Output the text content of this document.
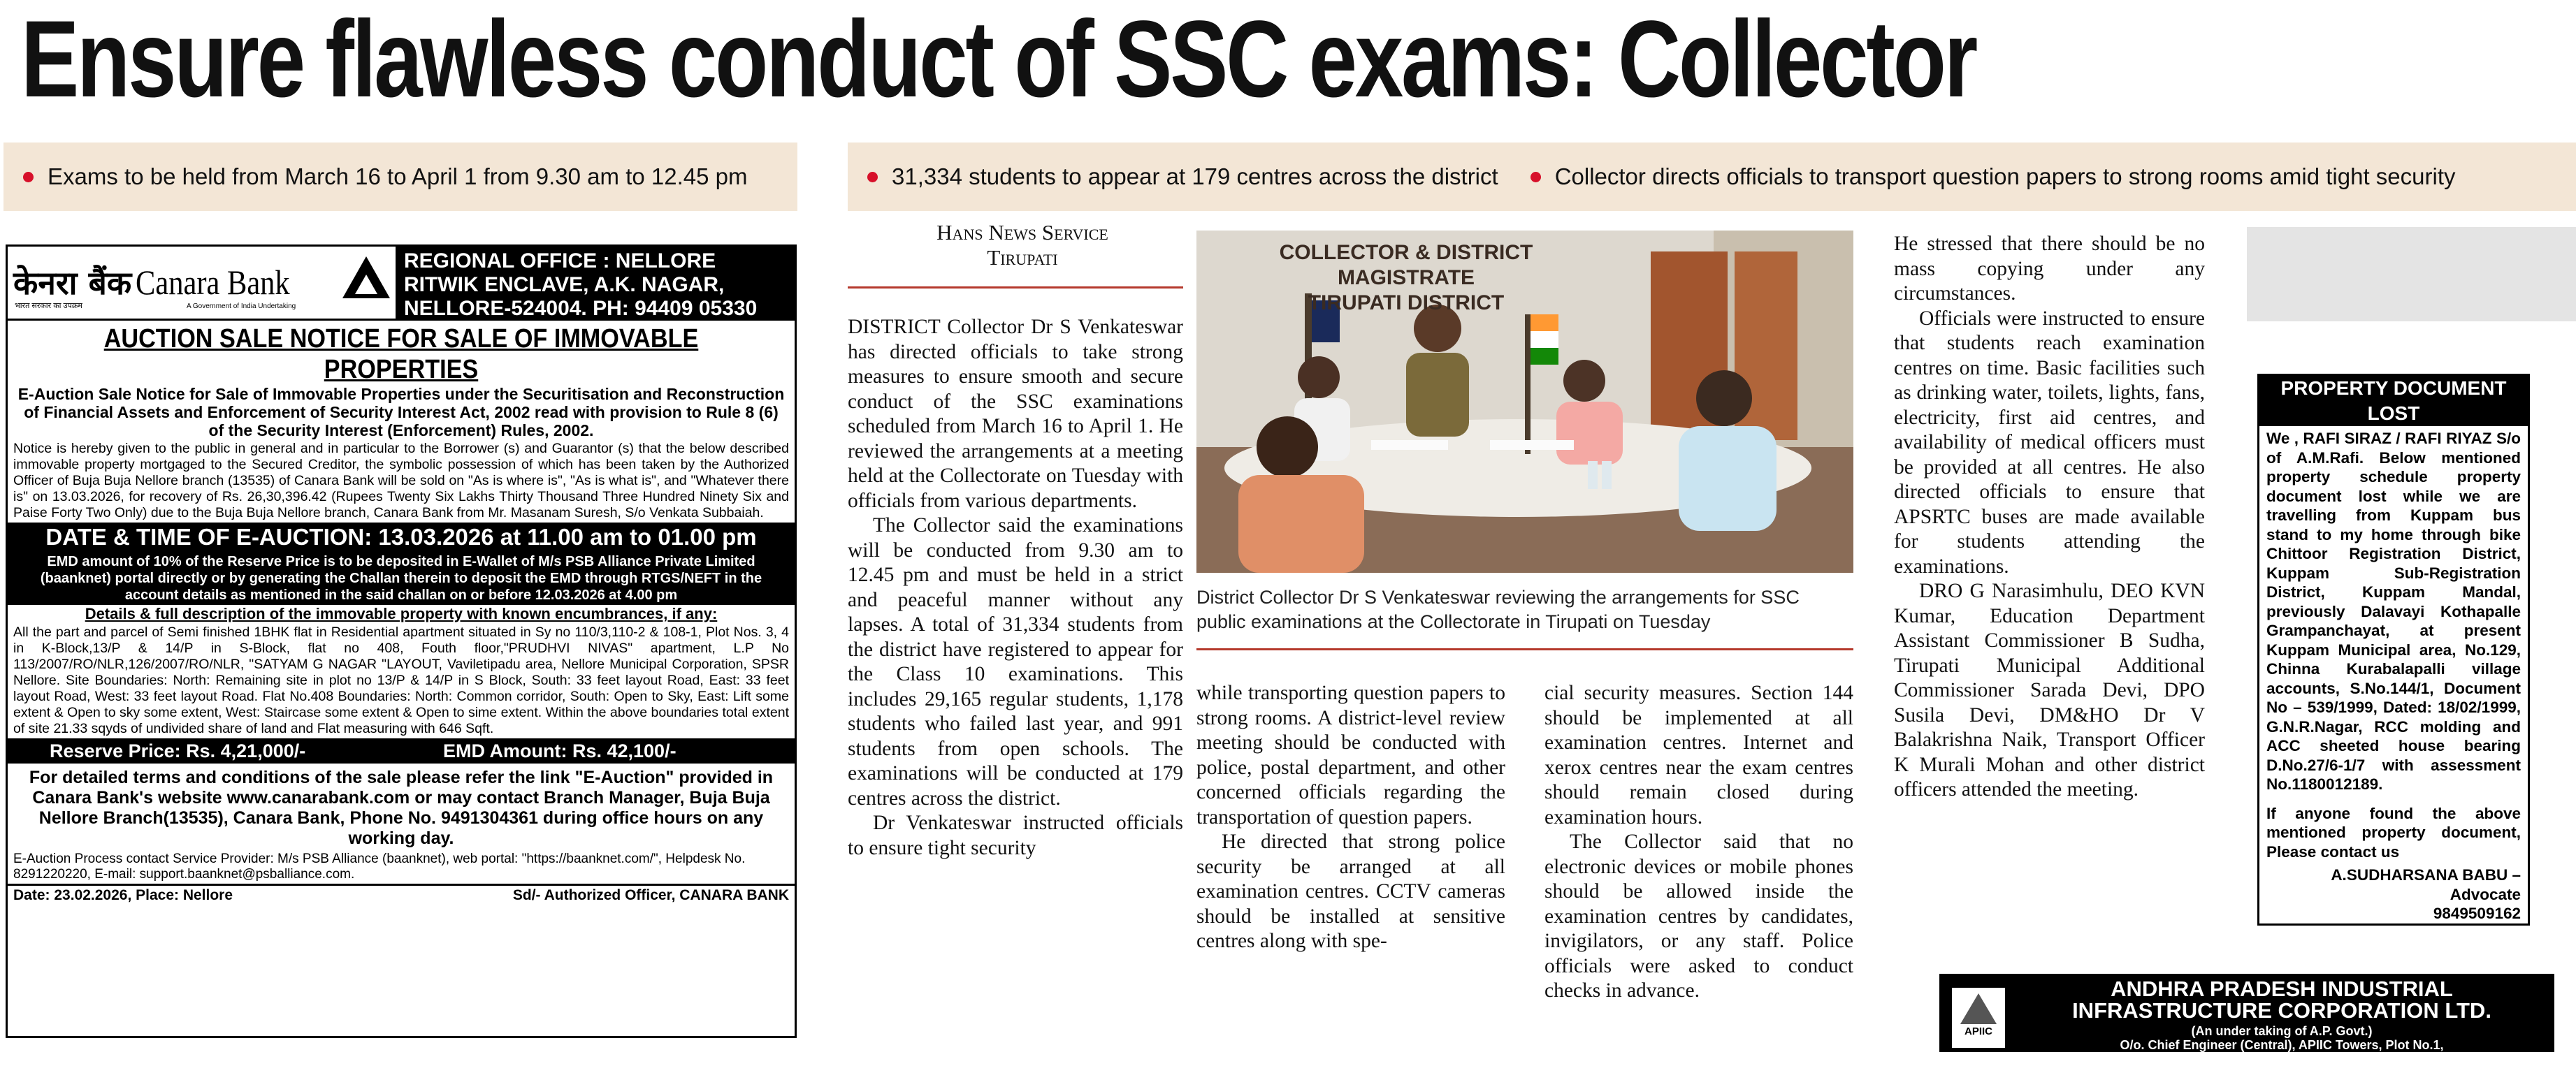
Ensure flawless conduct of SSC exams: Collector
Exams to be held from March 16 to April 1 from 9.30 am to 12.45 pm	31,334 students to appear at 179 centres across the district Collector directs officials to transport question papers to strong rooms amid tight security
केनरा बैंक Canara Bank
भारत सरकार का उपक्रम	A Government of India Undertaking
REGIONAL OFFICE : NELLORE
RITWIK ENCLAVE, A.K. NAGAR,
NELLORE-524004. PH: 94409 05330
AUCTION SALE NOTICE FOR SALE OF IMMOVABLE PROPERTIES
E-Auction Sale Notice for Sale of Immovable Properties under the Securitisation and Reconstruction of Financial Assets and Enforcement of Security Interest Act, 2002 read with provision to Rule 8 (6) of the Security Interest (Enforcement) Rules, 2002.
Notice is hereby given to the public in general and in particular to the Borrower (s) and Guarantor (s) that the below described immovable property mortgaged to the Secured Creditor, the symbolic possession of which has been taken by the Authorized Officer of Buja Buja Nellore branch (13535) of Canara Bank will be sold on "As is where is", "As is what is", and "Whatever there is" on 13.03.2026, for recovery of Rs. 26,30,396.42 (Rupees Twenty Six Lakhs Thirty Thousand Three Hundred Ninety Six and Paise Forty Two Only) due to the Buja Buja Nellore branch, Canara Bank from Mr. Masanam Suresh, S/o Venkata Subbaiah.
DATE & TIME OF E-AUCTION: 13.03.2026 at 11.00 am to 01.00 pm
EMD amount of 10% of the Reserve Price is to be deposited in E-Wallet of M/s PSB Alliance Private Limited (baanknet) portal directly or by generating the Challan therein to deposit the EMD through RTGS/NEFT in the account details as mentioned in the said challan on or before 12.03.2026 at 4.00 pm
Details & full description of the immovable property with known encumbrances, if any:
All the part and parcel of Semi finished 1BHK flat in Residential apartment situated in Sy no 110/3,110-2 & 108-1, Plot Nos. 3, 4 in K-Block,13/P & 14/P in S-Block, flat no 408, Fouth floor,"PRUDHVI NIVAS" apartment, L.P No 113/2007/RO/NLR,126/2007/RO/NLR, "SATYAM G NAGAR "LAYOUT, Vaviletipadu area, Nellore Municipal Corporation, SPSR Nellore. Site Boundaries: North: Remaining site in plot no 13/P & 14/P in S Block, South: 33 feet layout Road, East: 33 feet layout Road, West: 33 feet layout Road. Flat No.408 Boundaries: North: Common corridor, South: Open to Sky, East: Lift some extent & Open to sky some extent, West: Staircase some extent & Open to sime extent. Within the above boundaries total extent of site 21.33 sqyds of undivided share of land and Flat measuring with 646 Sqft.
Reserve Price: Rs. 4,21,000/-	EMD Amount: Rs. 42,100/-
For detailed terms and conditions of the sale please refer the link "E-Auction" provided in Canara Bank's website www.canarabank.com or may contact Branch Manager, Buja Buja Nellore Branch(13535), Canara Bank, Phone No. 9491304361 during office hours on any working day.
E-Auction Process contact Service Provider: M/s PSB Alliance (baanknet), web portal: "https://baanknet.com/", Helpdesk No. 8291220220, E-mail: support.baanknet@psballiance.com.
Date: 23.02.2026, Place: Nellore	Sd/- Authorized Officer, CANARA BANK
Hans News Service
Tirupati

DISTRICT Collector Dr S Venkateswar has directed officials to take strong measures to ensure smooth and secure conduct of the SSC examinations scheduled from March 16 to April 1. He reviewed the arrangements at a meeting held at the Collectorate on Tuesday with officials from various departments.

The Collector said the examinations will be conducted from 9.30 am to 12.45 pm and must be held in a strict and peaceful manner without any lapses. A total of 31,334 students from the district have registered to appear for the Class 10 examinations. This includes 29,165 regular students, 1,178 students who failed last year, and 991 students from open schools. The examinations will be conducted at 179 centres across the district.

Dr Venkateswar instructed officials to ensure tight security

COLLECTOR & DISTRICT MAGISTRATE
TIRUPATI DISTRICT
District Collector Dr S Venkateswar reviewing the arrangements for SSC public examinations at the Collectorate in Tirupati on Tuesday

while transporting question papers to strong rooms. A district-level review meeting should be conducted with police, postal department, and other concerned officials regarding the transportation of question papers.

He directed that strong police security be arranged at all examination centres. CCTV cameras should be installed at sensitive centres along with spe-

cial security measures. Section 144 should be implemented at all examination centres. Internet and xerox centres near the exam centres should remain closed during examination hours.

The Collector said that no electronic devices or mobile phones should be allowed inside the examination centres by candidates, invigilators, or any staff. Police officials were asked to conduct checks in advance.

He stressed that there should be no mass copying under any circumstances.

Officials were instructed to ensure that students reach examination centres on time. Basic facilities such as drinking water, toilets, lights, fans, electricity, first aid centres, and availability of medical officers must be provided at all centres. He also directed officials to ensure that APSRTC buses are made available for students attending the examinations.

DRO G Narasimhulu, DEO KVN Kumar, Education Department Assistant Commissioner B Sudha, Tirupati Municipal Additional Commissioner Sarada Devi, DPO Susila Devi, DM&HO Dr V Balakrishna Naik, Transport Officer K Murali Mohan and other district officers attended the meeting.

PROPERTY DOCUMENT LOST
We , RAFI SIRAZ / RAFI RIYAZ S/o of A.M.Rafi. Below mentioned property schedule property document lost while we are travelling from Kuppam bus stand to my home through bike Chittoor Registration District, Kuppam Sub-Registration District, Kuppam Mandal, previously Dalavayi Kothapalle Grampanchayat, at present Kuppam Municipal area, No.129, Chinna Kurabalapalli village accounts, S.No.144/1, Document No – 539/1999, Dated: 18/02/1999, G.N.R.Nagar, RCC molding and ACC sheeted house bearing D.No.27/6-1/7 with assessment No.1180012189.
If anyone found the above mentioned property document, Please contact us
A.SUDHARSANA BABU – Advocate
9849509162
APIIC
ANDHRA PRADESH INDUSTRIAL
INFRASTRUCTURE CORPORATION LTD.
(An under taking of A.P. Govt.)
O/o. Chief Engineer (Central), APIIC Towers, Plot No.1,
IT Park, Mangalagiri, Guntur (Dist), AP-522503
